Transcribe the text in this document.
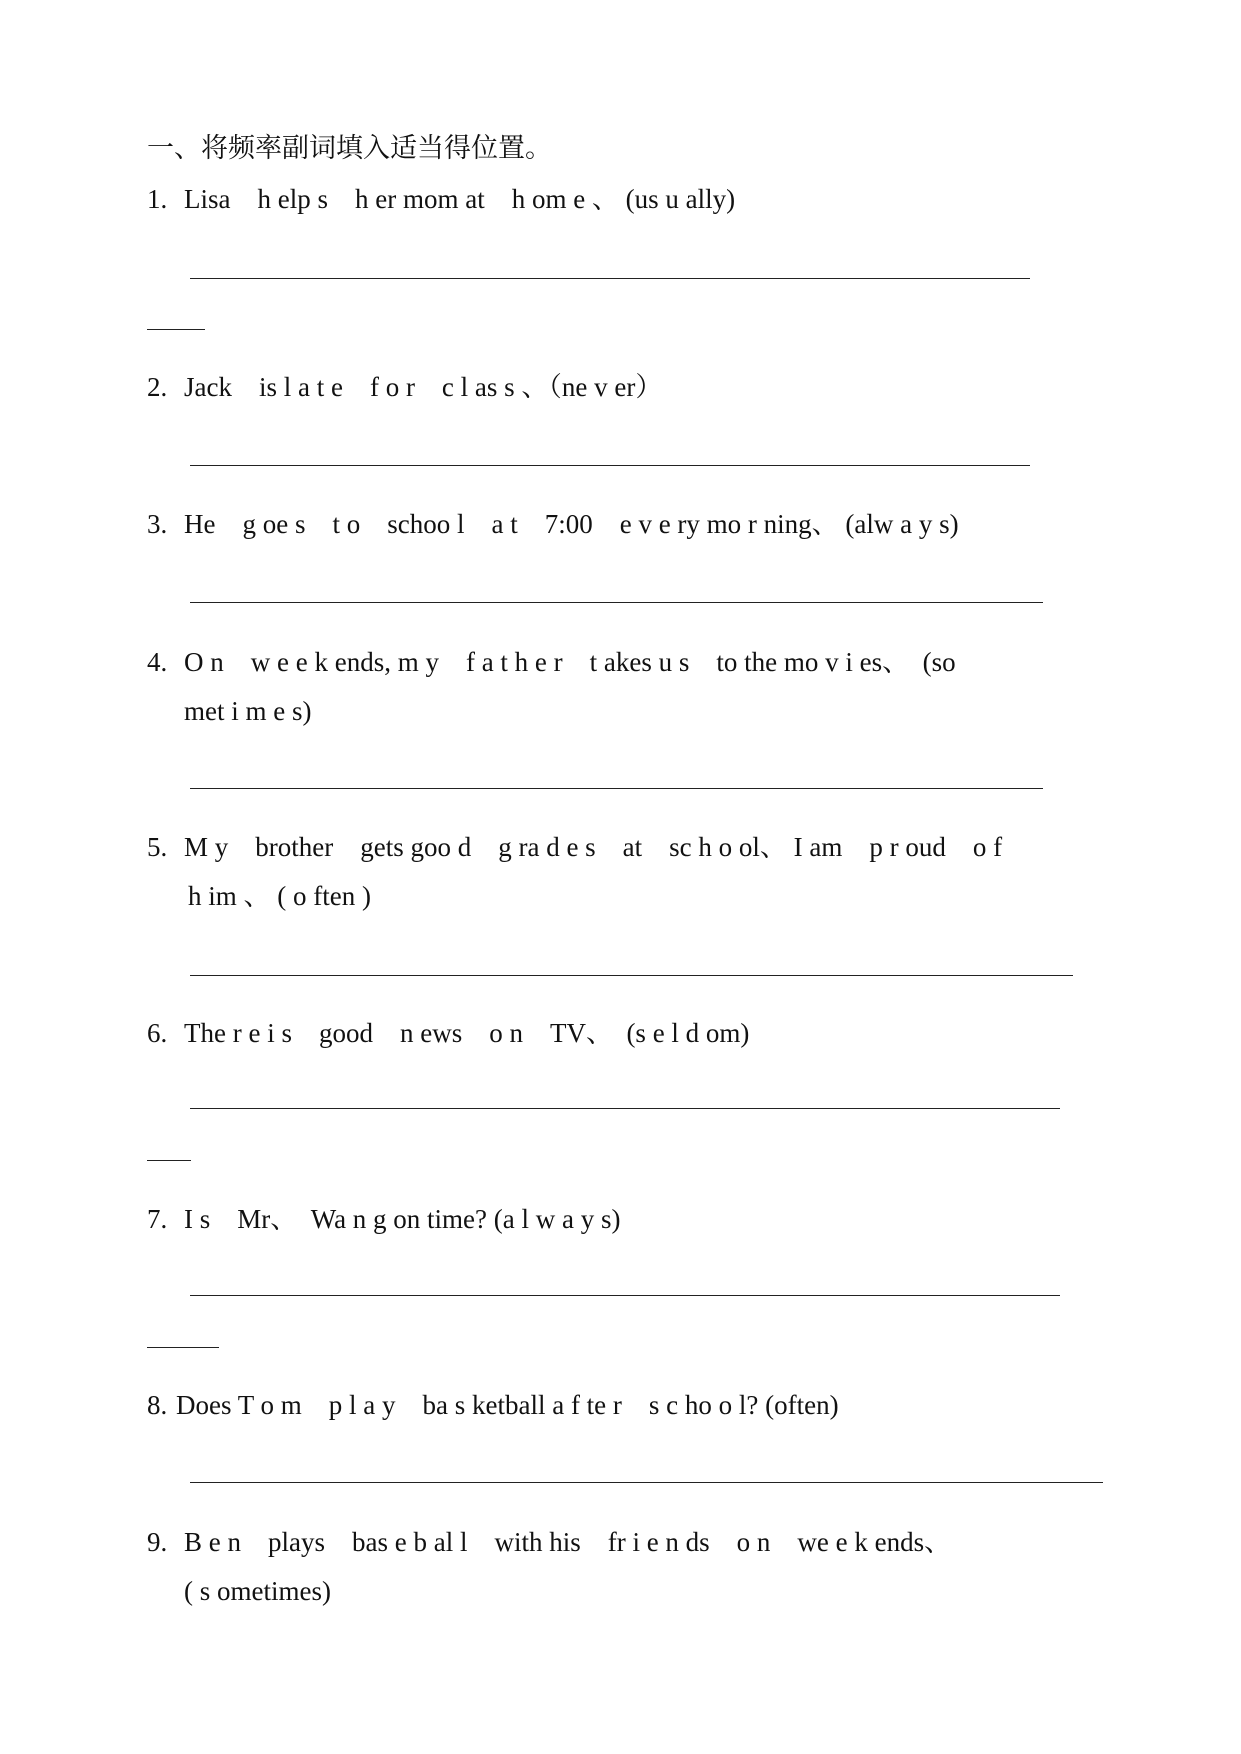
一、将频率副词填入适当得位置。
1. Lisa　h elp s　h er mom at　h om e 、 (us u ally)
2. Jack　is l a t e　f o r　c l as s 、（ne v er）
3. He　g oe s　t o　schoo l　a t　7:00　e v e ry mo r ning、 (alw a y s)
4. O n　w e e k ends, m y　f a t h e r　t akes u s　to the mo v i es、　(so
met i m e s)
5. M y　brother　gets goo d　g ra d e s　at　sc h o ol、 I am　p r oud　o f
h im 、 ( o ften )
6. The r e i s　good　n ews　o n　TV、　(s e l d om)
7. I s　Mr、　Wa n g on time? (a l w a y s)
8. Does T o m　p l a y　ba s ketball a f te r　s c ho o l? (often)
9. B e n　plays　bas e b al l　with his　fr i e n ds　o n　we e k ends、
( s ometimes)
